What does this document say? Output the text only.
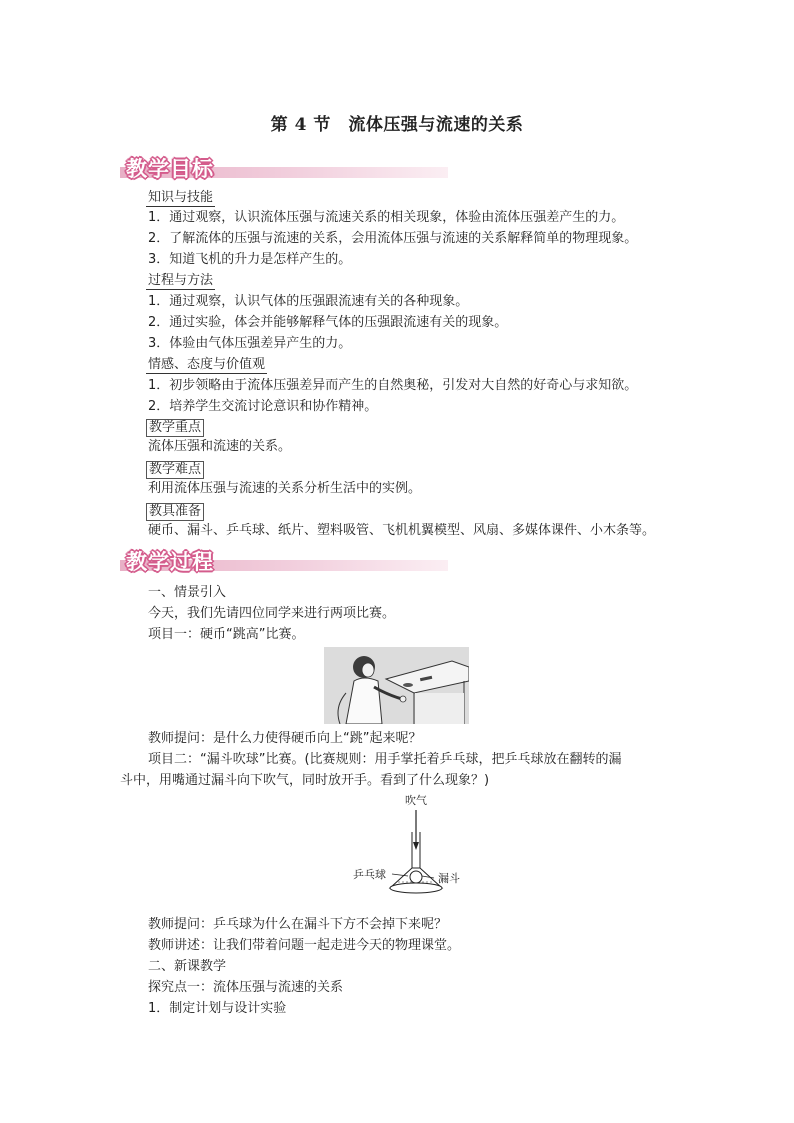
第 4 节　流体压强与流速的关系
教学目标
知识与技能
1．通过观察，认识流体压强与流速关系的相关现象，体验由流体压强差产生的力。
2．了解流体的压强与流速的关系，会用流体压强与流速的关系解释简单的物理现象。
3．知道飞机的升力是怎样产生的。
过程与方法
1．通过观察，认识气体的压强跟流速有关的各种现象。
2．通过实验，体会并能够解释气体的压强跟流速有关的现象。
3．体验由气体压强差异产生的力。
情感、态度与价值观
1．初步领略由于流体压强差异而产生的自然奥秘，引发对大自然的好奇心与求知欲。
2．培养学生交流讨论意识和协作精神。
教学重点
流体压强和流速的关系。
教学难点
利用流体压强与流速的关系分析生活中的实例。
教具准备
硬币、漏斗、乒乓球、纸片、塑料吸管、飞机机翼模型、风扇、多媒体课件、小木条等。
教学过程
一、情景引入
今天，我们先请四位同学来进行两项比赛。
项目一：硬币“跳高”比赛。
教师提问：是什么力使得硬币向上“跳”起来呢？
项目二：“漏斗吹球”比赛。(比赛规则：用手掌托着乒乓球，把乒乓球放在翻转的漏
斗中，用嘴通过漏斗向下吹气，同时放开手。看到了什么现象？)
吹气
乒乓球	漏斗
教师提问：乒乓球为什么在漏斗下方不会掉下来呢？
教师讲述：让我们带着问题一起走进今天的物理课堂。
二、新课教学
探究点一：流体压强与流速的关系
1．制定计划与设计实验
